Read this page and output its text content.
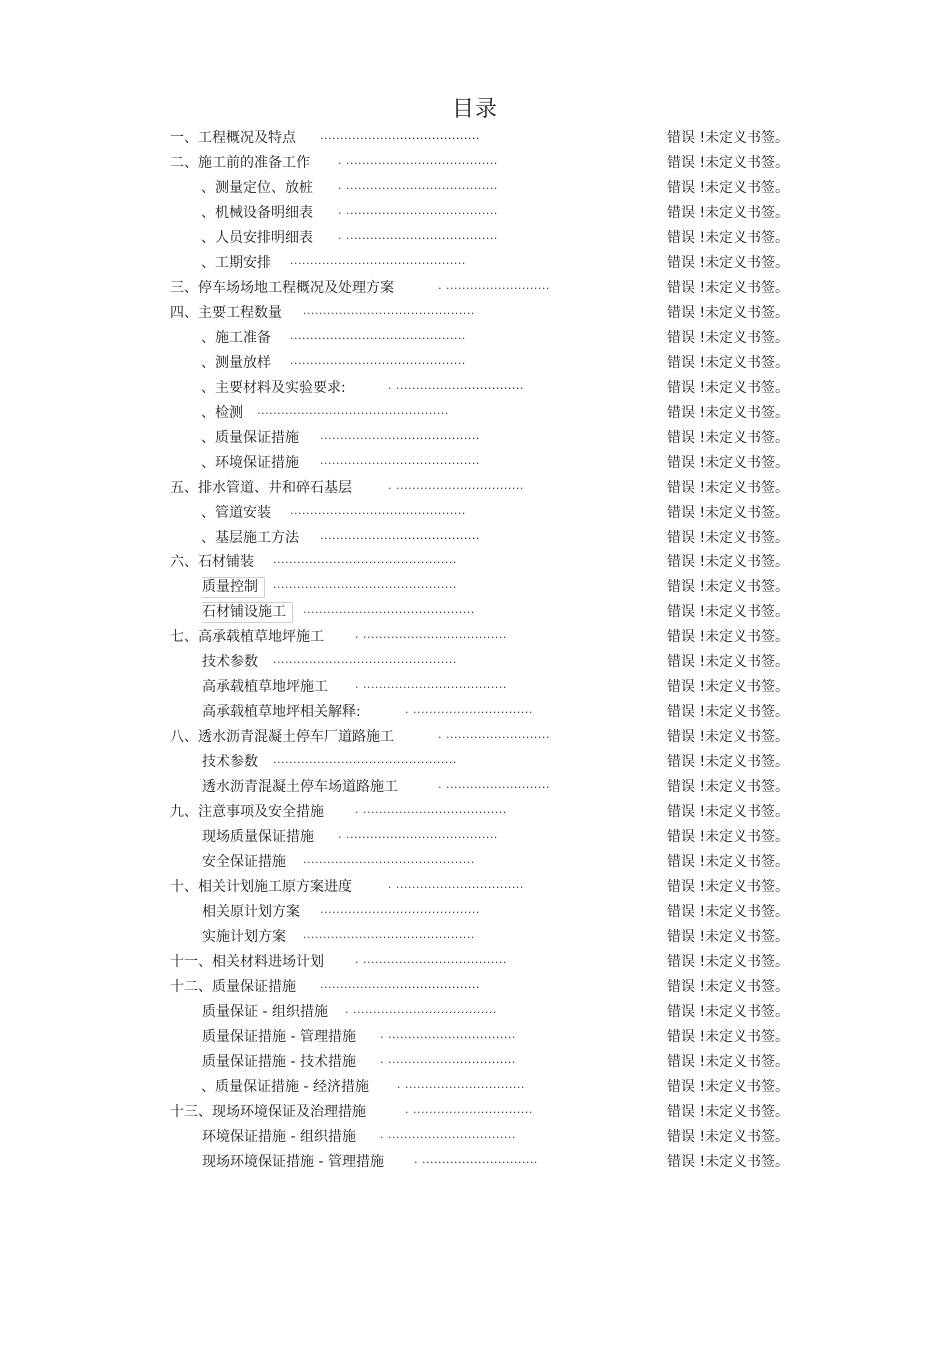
目录
一、工程概况及特点 ........................................	错误 !未定义书签。
二、施工前的准备工作	. ......................................	错误 !未定义书签。
、测量定位、放桩 . ......................................	错误 !未定义书签。
、机械设备明细表 . ......................................	错误 !未定义书签。
、人员安排明细表 . ......................................	错误 !未定义书签。
、工期安排 ............................................	错误 !未定义书签。
三、停车场场地工程概况及处理方案	. ..........................	错误 !未定义书签。
四、主要工程数量 ...........................................	错误 !未定义书签。
、施工准备 ............................................	错误 !未定义书签。
、测量放样 ............................................	错误 !未定义书签。
、主要材料及实验要求:	. ................................	错误 !未定义书签。
、检测 ................................................	错误 !未定义书签。
、质量保证措施 ........................................	错误 !未定义书签。
、环境保证措施 ........................................	错误 !未定义书签。
五、排水管道、井和碎石基层	. ................................	错误 !未定义书签。
、管道安装 ............................................	错误 !未定义书签。
、基层施工方法 ........................................	错误 !未定义书签。
六、石材铺装 ..............................................	错误 !未定义书签。
质量控制	..............................................	错误 !未定义书签。
石材铺设施工	...........................................	错误 !未定义书签。
七、高承载植草地坪施工	. ....................................	错误 !未定义书签。
技术参数 ..............................................	错误 !未定义书签。
高承载植草地坪施工 . ....................................	错误 !未定义书签。
高承载植草地坪相关解释:	. ..............................	错误 !未定义书签。
八、透水沥青混凝土停车厂道路施工	. ..........................	错误 !未定义书签。
技术参数 ..............................................	错误 !未定义书签。
透水沥青混凝土停车场道路施工	. ..........................	错误 !未定义书签。
九、注意事项及安全措施	. ....................................	错误 !未定义书签。
现场质量保证措施 . ......................................	错误 !未定义书签。
安全保证措施 ...........................................	错误 !未定义书签。
十、相关计划施工原方案进度	. ................................	错误 !未定义书签。
相关原计划方案 ........................................	错误 !未定义书签。
实施计划方案 ...........................................	错误 !未定义书签。
十一、相关材料进场计划	. ....................................	错误 !未定义书签。
十二、质量保证措施 ........................................	错误 !未定义书签。
质量保证 - 组织措施 . ....................................	错误 !未定义书签。
质量保证措施 - 管理措施 . ................................	错误 !未定义书签。
质量保证措施 - 技术措施 . ................................	错误 !未定义书签。
、质量保证措施 - 经济措施	. ..............................	错误 !未定义书签。
十三、现场环境保证及治理措施	. ..............................	错误 !未定义书签。
环境保证措施 - 组织措施 . ................................	错误 !未定义书签。
现场环境保证措施 - 管理措施	. .............................	错误 !未定义书签。
